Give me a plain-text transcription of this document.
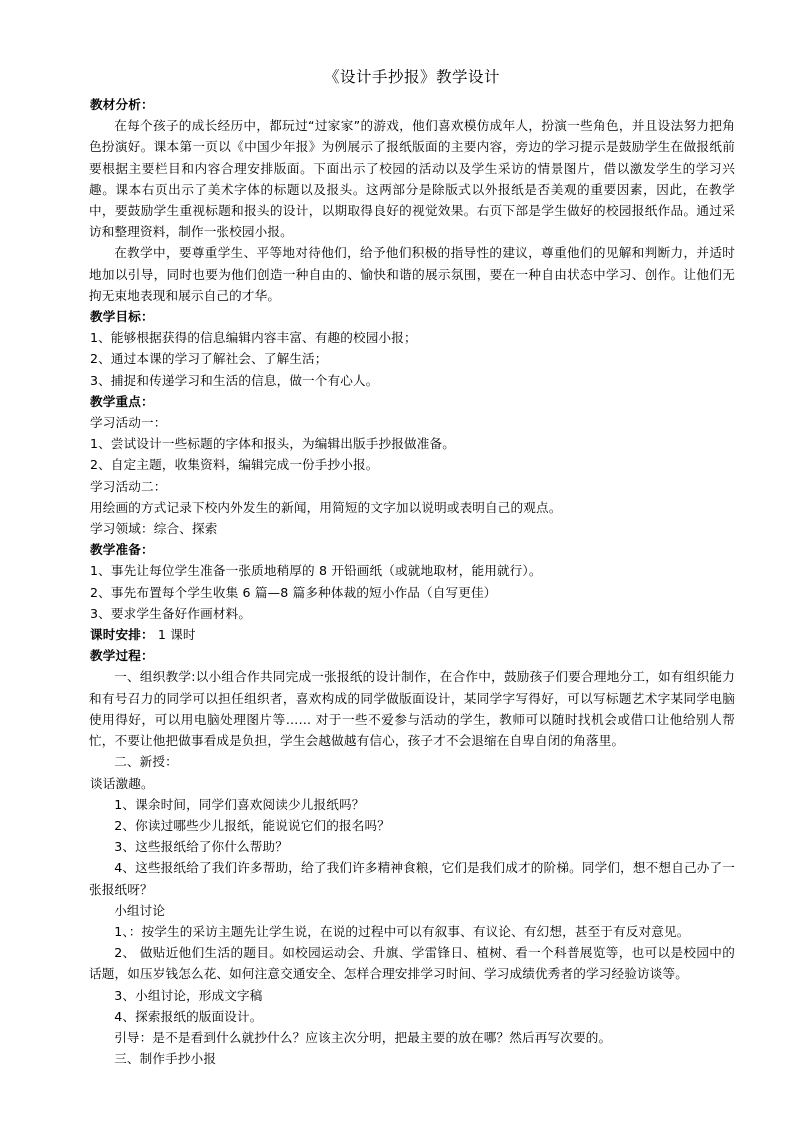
《设计手抄报》教学设计

教材分析：

在每个孩子的成长经历中，都玩过“过家家”的游戏，他们喜欢模仿成年人，扮演一些角色，并且设法努力把角色扮演好。课本第一页以《中国少年报》为例展示了报纸版面的主要内容，旁边的学习提示是鼓励学生在做报纸前要根据主要栏目和内容合理安排版面。下面出示了校园的活动以及学生采访的情景图片，借以激发学生的学习兴趣。课本右页出示了美术字体的标题以及报头。这两部分是除版式以外报纸是否美观的重要因素，因此，在教学中，要鼓励学生重视标题和报头的设计，以期取得良好的视觉效果。右页下部是学生做好的校园报纸作品。通过采访和整理资料，制作一张校园小报。

在教学中，要尊重学生、平等地对待他们，给予他们积极的指导性的建议，尊重他们的见解和判断力，并适时地加以引导，同时也要为他们创造一种自由的、愉快和谐的展示氛围，要在一种自由状态中学习、创作。让他们无拘无束地表现和展示自己的才华。

教学目标：

1、能够根据获得的信息编辑内容丰富、有趣的校园小报；

2、通过本课的学习了解社会、了解生活；

3、捕捉和传递学习和生活的信息，做一个有心人。

教学重点：

学习活动一：

1、尝试设计一些标题的字体和报头，为编辑出版手抄报做准备。

2、自定主题，收集资料，编辑完成一份手抄小报。

学习活动二：

用绘画的方式记录下校内外发生的新闻，用简短的文字加以说明或表明自己的观点。

学习领域：综合、探索

教学准备：

1、事先让每位学生准备一张质地稍厚的 8 开铅画纸（或就地取材，能用就行）。

2、事先布置每个学生收集 6 篇—8 篇多种体裁的短小作品（自写更佳）

3、要求学生备好作画材料。

课时安排： 1 课时

教学过程：

一、组织教学:以小组合作共同完成一张报纸的设计制作，在合作中，鼓励孩子们要合理地分工，如有组织能力和有号召力的同学可以担任组织者，喜欢构成的同学做版面设计，某同学字写得好，可以写标题艺术字某同学电脑使用得好，可以用电脑处理图片等…… 对于一些不爱参与活动的学生，教师可以随时找机会或借口让他给别人帮忙，不要让他把做事看成是负担，学生会越做越有信心，孩子才不会退缩在自卑自闭的角落里。

二、新授：

谈话激趣。

1、课余时间，同学们喜欢阅读少儿报纸吗？

2、你读过哪些少儿报纸，能说说它们的报名吗？

3、这些报纸给了你什么帮助？

4、这些报纸给了我们许多帮助，给了我们许多精神食粮，它们是我们成才的阶梯。同学们，想不想自己办了一张报纸呀？

小组讨论

1、：按学生的采访主题先让学生说，在说的过程中可以有叙事、有议论、有幻想，甚至于有反对意见。

2、 做贴近他们生活的题目。如校园运动会、升旗、学雷锋日、植树、看一个科普展览等，也可以是校园中的话题，如压岁钱怎么花、如何注意交通安全、怎样合理安排学习时间、学习成绩优秀者的学习经验访谈等。

3、小组讨论，形成文字稿

4、探索报纸的版面设计。

引导：是不是看到什么就抄什么？应该主次分明，把最主要的放在哪？然后再写次要的。

三、制作手抄小报
